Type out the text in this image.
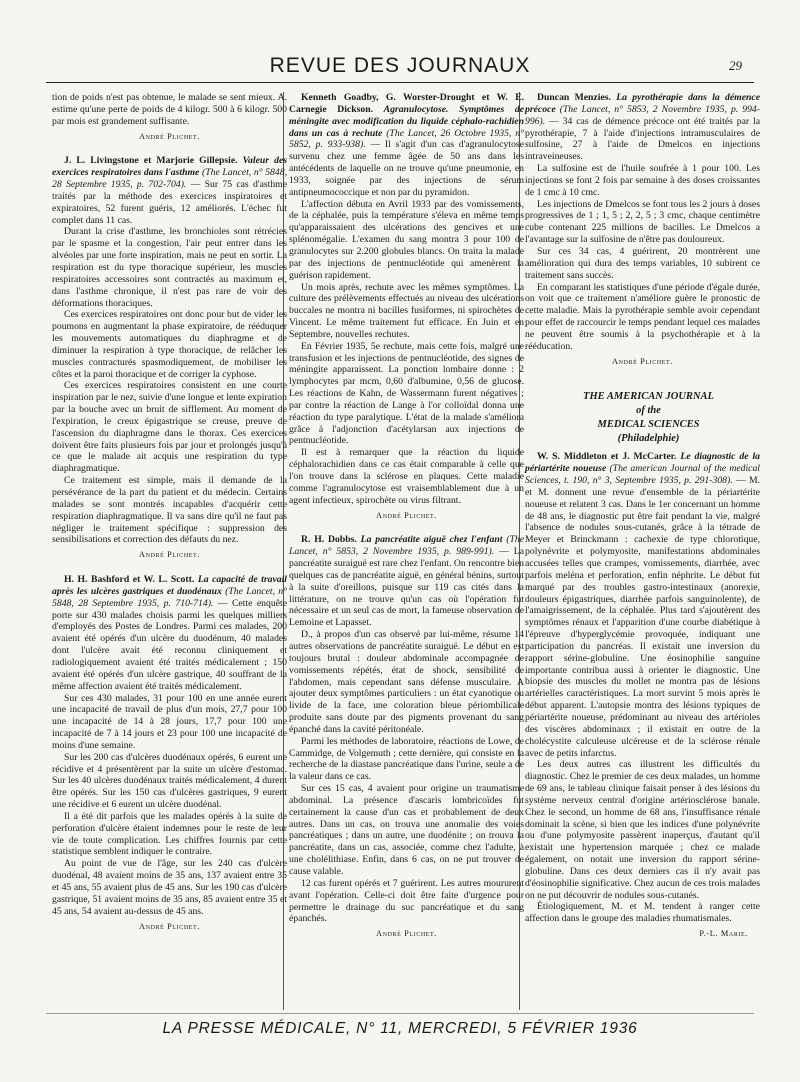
REVUE DES JOURNAUX	29

tion de poids n'est pas obtenue, le malade se sent mieux. A. estime qu'une perte de poids de 4 kilogr. 500 à 6 kilogr. 500 par mois est grandement suffisante.

André Plichet.

J. L. Livingstone et Marjorie Gillepsie. Valeur des exercices respiratoires dans l'asthme (The Lancet, n° 5848, 28 Septembre 1935, p. 702-704). — Sur 75 cas d'asthme traités par la méthode des exercices inspiratoires et expiratoires, 52 furent guéris, 12 améliorés. L'échec fut complet dans 11 cas.

Durant la crise d'asthme, les bronchioles sont rétrécies par le spasme et la congestion, l'air peut entrer dans les alvéoles par une forte inspiration, mais ne peut en sortir. La respiration est du type thoracique supérieur, les muscles respiratoires accessoires sont contractés au maximum et, dans l'asthme chronique, il n'est pas rare de voir des déformations thoraciques.

Ces exercices respiratoires ont donc pour but de vider les poumons en augmentant la phase expiratoire, de rééduquer les mouvements automatiques du diaphragme et de diminuer la respiration à type thoracique, de relâcher les muscles contracturés spasmodiquement, de mobiliser les côtes et la paroi thoracique et de corriger la cyphose.

Ces exercices respiratoires consistent en une courte inspiration par le nez, suivie d'une longue et lente expiration par la bouche avec un bruit de sifflement. Au moment de l'expiration, le creux épigastrique se creuse, preuve de l'ascension du diaphragme dans le thorax. Ces exercices doivent être faits plusieurs fois par jour et prolongés jusqu'à ce que le malade ait acquis une respiration du type diaphragmatique.

Ce traitement est simple, mais il demande de la persévérance de la part du patient et du médecin. Certains malades se sont montrés incapables d'acquérir cette respiration diaphragmatique. Il va sans dire qu'il ne faut pas négliger le traitement spécifique : suppression des sensibilisations et correction des défauts du nez.

André Plichet.

H. H. Bashford et W. L. Scott. La capacité de travail après les ulcères gastriques et duodénaux (The Lancet, n° 5848, 28 Septembre 1935, p. 710-714). — Cette enquête porte sur 430 malades choisis parmi les quelques milliers d'employés des Postes de Londres. Parmi ces malades, 200 avaient été opérés d'un ulcère du duodénum, 40 malades dont l'ulcère avait été reconnu cliniquement et radiologiquement avaient été traités médicalement ; 150 avaient été opérés d'un ulcère gastrique, 40 souffrant de la même affection avaient été traités médicalement.

Sur ces 430 malades, 31 pour 100 en une année eurent une incapacité de travail de plus d'un mois, 27,7 pour 100 une incapacité de 14 à 28 jours, 17,7 pour 100 une incapacité de 7 à 14 jours et 23 pour 100 une incapacité de moins d'une semaine.

Sur les 200 cas d'ulcères duodénaux opérés, 6 eurent une récidive et 4 présentèrent par la suite un ulcère d'estomac. Sur les 40 ulcères duodénaux traités médicalement, 4 durent être opérés. Sur les 150 cas d'ulcères gastriques, 9 eurent une récidive et 6 eurent un ulcère duodénal.

Il a été dit parfois que les malades opérés à la suite de perforation d'ulcère étaient indemnes pour le reste de leur vie de toute complication. Les chiffres fournis par cette statistique semblent indiquer le contraire.

Au point de vue de l'âge, sur les 240 cas d'ulcère duodénal, 48 avaient moins de 35 ans, 137 avaient entre 35 et 45 ans, 55 avaient plus de 45 ans. Sur les 190 cas d'ulcère gastrique, 51 avaient moins de 35 ans, 85 avaient entre 35 et 45 ans, 54 avaient au-dessus de 45 ans.

André Plichet.

Kenneth Goadby, G. Worster-Drought et W. E. Carnegie Dickson. Agranulocytose. Symptômes de méningite avec modification du liquide céphalo-rachidien dans un cas à rechute (The Lancet, 26 Octobre 1935, n° 5852, p. 933-938). — Il s'agit d'un cas d'agranulocytose survenu chez une femme âgée de 50 ans dans les antécédents de laquelle on ne trouve qu'une pneumonie, en 1933, soignée par des injections de sérum antipneumococcique et non par du pyramidon.

L'affection débuta en Avril 1933 par des vomissements, de la céphalée, puis la température s'éleva en même temps qu'apparaissaient des ulcérations des gencives et une splénomégalie. L'examen du sang montra 3 pour 100 de granulocytes sur 2.200 globules blancs. On traita la malade par des injections de pentnucléotide qui amenèrent la guérison rapidement.

Un mois après, rechute avec les mêmes symptômes. La culture des prélèvements effectués au niveau des ulcérations buccales ne montra ni bacilles fusiformes, ni spirochètes de Vincent. Le même traitement fut efficace. En Juin et en Septembre, nouvelles rechutes.

En Février 1935, 5e rechute, mais cette fois, malgré une transfusion et les injections de pentnucléotide, des signes de méningite apparaissent. La ponction lombaire donne : 2 lymphocytes par mcm, 0,60 d'albumine, 0,56 de glucose. Les réactions de Kahn, de Wassermann furent négatives ; par contre la réaction de Lange à l'or colloïdal donna une réaction du type paralytique. L'état de la malade s'améliora grâce à l'adjonction d'acétylarsan aux injections de pentnucléotide.

Il est à remarquer que la réaction du liquide céphalorachidien dans ce cas était comparable à celle que l'on trouve dans la sclérose en plaques. Cette maladie comme l'agranulocytose est vraisemblablement due à un agent infectieux, spirochète ou virus filtrant.

André Plichet.

R. H. Dobbs. La pancréatite aiguë chez l'enfant (The Lancet, n° 5853, 2 Novembre 1935, p. 989-991). — La pancréatite suraiguë est rare chez l'enfant. On rencontre bien quelques cas de pancréatite aiguë, en général bénins, surtout à la suite d'oreillons, puisque sur 119 cas cités dans la littérature, on ne trouve qu'un cas où l'opération fut nécessaire et un seul cas de mort, la fameuse observation de Lemoine et Lapasset.

D., à propos d'un cas observé par lui-même, résume 14 autres observations de pancréatite suraiguë. Le début en est toujours brutal : douleur abdominale accompagnée de vomissements répétés, état de shock, sensibilité de l'abdomen, mais cependant sans défense musculaire. A ajouter deux symptômes particuliers : un état cyanotique ou livide de la face, une coloration bleue périombilicale produite sans doute par des pigments provenant du sang épanché dans la cavité péritonéale.

Parmi les méthodes de laboratoire, réactions de Lowe, de Cammidge, de Volgemuth ; cette dernière, qui consiste en la recherche de la diastase pancréatique dans l'urine, seule a de la valeur dans ce cas.

Sur ces 15 cas, 4 avaient pour origine un traumatisme abdominal. La présence d'ascaris lombricoïdes fut certainement la cause d'un cas et probablement de deux autres. Dans un cas, on trouva une anomalie des voies pancréatiques ; dans un autre, une duodénite ; on trouva la pancréatite, dans un cas, associée, comme chez l'adulte, à une cholélithiase. Enfin, dans 6 cas, on ne put trouver de cause valable.

12 cas furent opérés et 7 guérirent. Les autres moururent avant l'opération. Celle-ci doit être faite d'urgence pour permettre le drainage du suc pancréatique et du sang épanchés.

André Plichet.

Duncan Menzies. La pyrothérapie dans la démence précoce (The Lancet, n° 5853, 2 Novembre 1935, p. 994-996). — 34 cas de démence précoce ont été traités par la pyrothérapie, 7 à l'aide d'injections intramusculaires de sulfosine, 27 à l'aide de Dmelcos en injections intraveineuses.

La sulfosine est de l'huile soufrée à 1 pour 100. Les injections se font 2 fois par semaine à des doses croissantes de 1 cmc à 10 cmc.

Les injections de Dmelcos se font tous les 2 jours à doses progressives de 1 ; 1, 5 ; 2, 2, 5 ; 3 cmc, chaque centimètre cube contenant 225 millions de bacilles. Le Dmelcos a l'avantage sur la sulfosine de n'être pas douloureux.

Sur ces 34 cas, 4 guérirent, 20 montrèrent une amélioration qui dura des temps variables, 10 subirent ce traitement sans succès.

En comparant les statistiques d'une période d'égale durée, on voit que ce traitement n'améliore guère le pronostic de cette maladie. Mais la pyrothérapie semble avoir cependant pour effet de raccourcir le temps pendant lequel ces malades ne peuvent être soumis à la psychothérapie et à la rééducation.

André Plichet.

THE AMERICAN JOURNAL

of the

MEDICAL SCIENCES

(Philadelphie)

W. S. Middleton et J. McCarter. Le diagnostic de la périartérite noueuse (The american Journal of the medical Sciences, t. 190, n° 3, Septembre 1935, p. 291-308). — M. et M. donnent une revue d'ensemble de la périartérite noueuse et relatent 3 cas. Dans le 1er concernant un homme de 48 ans, le diagnostic put être fait pendant la vie, malgré l'absence de nodules sous-cutanés, grâce à la tétrade de Meyer et Brinckmann : cachexie de type chlorotique, polynévrite et polymyosite, manifestations abdominales accusées telles que crampes, vomissements, diarrhée, avec parfois meléna et perforation, enfin néphrite. Le début fut marqué par des troubles gastro-intestinaux (anorexie, douleurs épigastriques, diarrhée parfois sanguinolente), de l'amaigrissement, de la céphalée. Plus tard s'ajoutèrent des symptômes rénaux et l'apparition d'une courbe diabétique à l'épreuve d'hyperglycémie provoquée, indiquant une participation du pancréas. Il existait une inversion du rapport sérine-globuline. Une éosinophilie sanguine importante contribua aussi à orienter le diagnostic. Une biopsie des muscles du mollet ne montra pas de lésions artérielles caractéristiques. La mort survint 5 mois après le début apparent. L'autopsie montra des lésions typiques de périartérite noueuse, prédominant au niveau des artérioles des viscères abdominaux ; il existait en outre de la cholécystite calculeuse ulcéreuse et de la sclérose rénale avec de petits infarctus.

Les deux autres cas illustrent les difficultés du diagnostic. Chez le premier de ces deux malades, un homme de 69 ans, le tableau clinique faisait penser à des lésions du système nerveux central d'origine artériosclérose banale. Chez le second, un homme de 68 ans, l'insuffisance rénale dominait la scène, si bien que les indices d'une polynévrite ou d'une polymyosite passèrent inaperçus, d'autant qu'il existait une hypertension marquée ; chez ce malade également, on notait une inversion du rapport sérine-globuline. Dans ces deux derniers cas il n'y avait pas d'éosinophilie significative. Chez aucun de ces trois malades on ne put découvrir de nodules sous-cutanés.

Étiologiquement, M. et M. tendent à ranger cette affection dans le groupe des maladies rhumatismales.

P.-L. Marie.

LA PRESSE MÉDICALE, N° 11, MERCREDI, 5 FÉVRIER 1936
